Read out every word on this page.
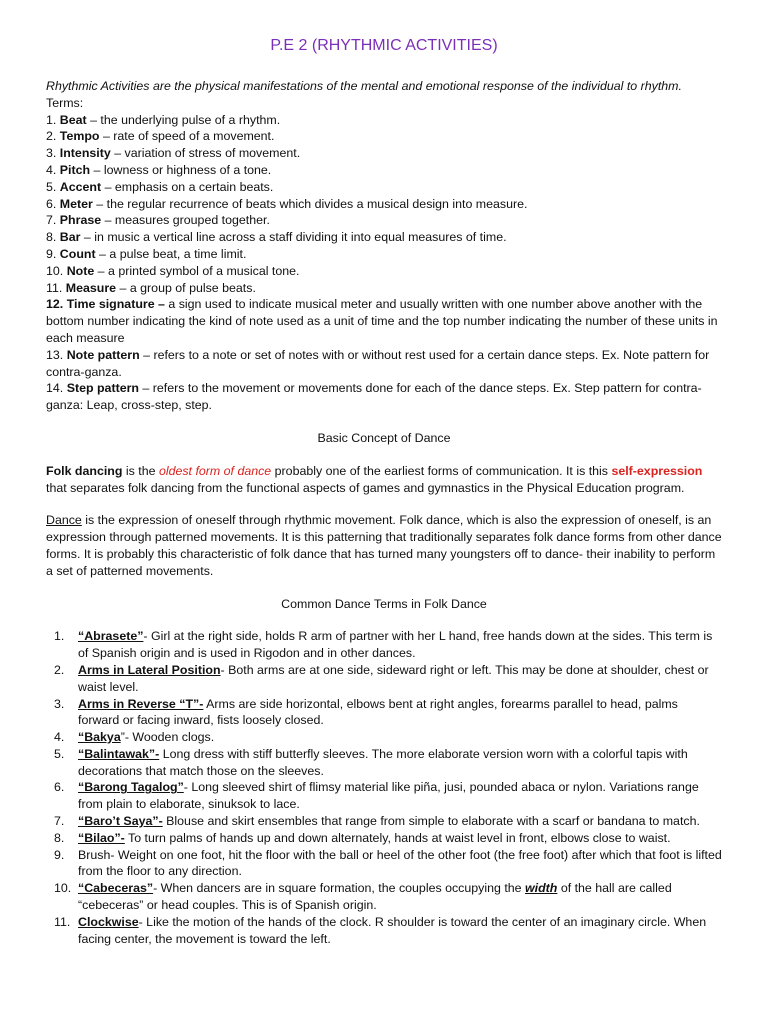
P.E 2 (RHYTHMIC ACTIVITIES)

Rhythmic Activities are the physical manifestations of the mental and emotional response of the individual to rhythm.

Terms:

1. Beat – the underlying pulse of a rhythm.
2. Tempo – rate of speed of a movement.
3. Intensity – variation of stress of movement.
4. Pitch – lowness or highness of a tone.
5. Accent – emphasis on a certain beats.
6. Meter – the regular recurrence of beats which divides a musical design into measure.
7. Phrase – measures grouped together.
8. Bar – in music a vertical line across a staff dividing it into equal measures of time.
9. Count – a pulse beat, a time limit.
10. Note – a printed symbol of a musical tone.
11. Measure – a group of pulse beats.
12. Time signature – a sign used to indicate musical meter and usually written with one number above another with the bottom number indicating the kind of note used as a unit of time and the top number indicating the number of these units in each measure
13. Note pattern – refers to a note or set of notes with or without rest used for a certain dance steps. Ex. Note pattern for contra-ganza.
14. Step pattern – refers to the movement or movements done for each of the dance steps. Ex. Step pattern for contra-ganza: Leap, cross-step, step.

Basic Concept of Dance

Folk dancing is the oldest form of dance probably one of the earliest forms of communication. It is this self-expression that separates folk dancing from the functional aspects of games and gymnastics in the Physical Education program.

Dance is the expression of oneself through rhythmic movement. Folk dance, which is also the expression of oneself, is an expression through patterned movements. It is this patterning that traditionally separates folk dance forms from other dance forms. It is probably this characteristic of folk dance that has turned many youngsters off to dance- their inability to perform a set of patterned movements.

Common Dance Terms in Folk Dance

1. “Abrasete”- Girl at the right side, holds R arm of partner with her L hand, free hands down at the sides. This term is of Spanish origin and is used in Rigodon and in other dances.
2. Arms in Lateral Position- Both arms are at one side, sideward right or left. This may be done at shoulder, chest or waist level.
3. Arms in Reverse “T”- Arms are side horizontal, elbows bent at right angles, forearms parallel to head, palms forward or facing inward, fists loosely closed.
4. “Bakya”- Wooden clogs.
5. “Balintawak”- Long dress with stiff butterfly sleeves. The more elaborate version worn with a colorful tapis with decorations that match those on the sleeves.
6. “Barong Tagalog”- Long sleeved shirt of flimsy material like piña, jusi, pounded abaca or nylon. Variations range from plain to elaborate, sinuksok to lace.
7. “Baro’t Saya”- Blouse and skirt ensembles that range from simple to elaborate with a scarf or bandana to match.
8. “Bilao”- To turn palms of hands up and down alternately, hands at waist level in front, elbows close to waist.
9. Brush- Weight on one foot, hit the floor with the ball or heel of the other foot (the free foot) after which that foot is lifted from the floor to any direction.
10. “Cabeceras”- When dancers are in square formation, the couples occupying the width of the hall are called “cebeceras” or head couples. This is of Spanish origin.
11. Clockwise- Like the motion of the hands of the clock. R shoulder is toward the center of an imaginary circle. When facing center, the movement is toward the left.
